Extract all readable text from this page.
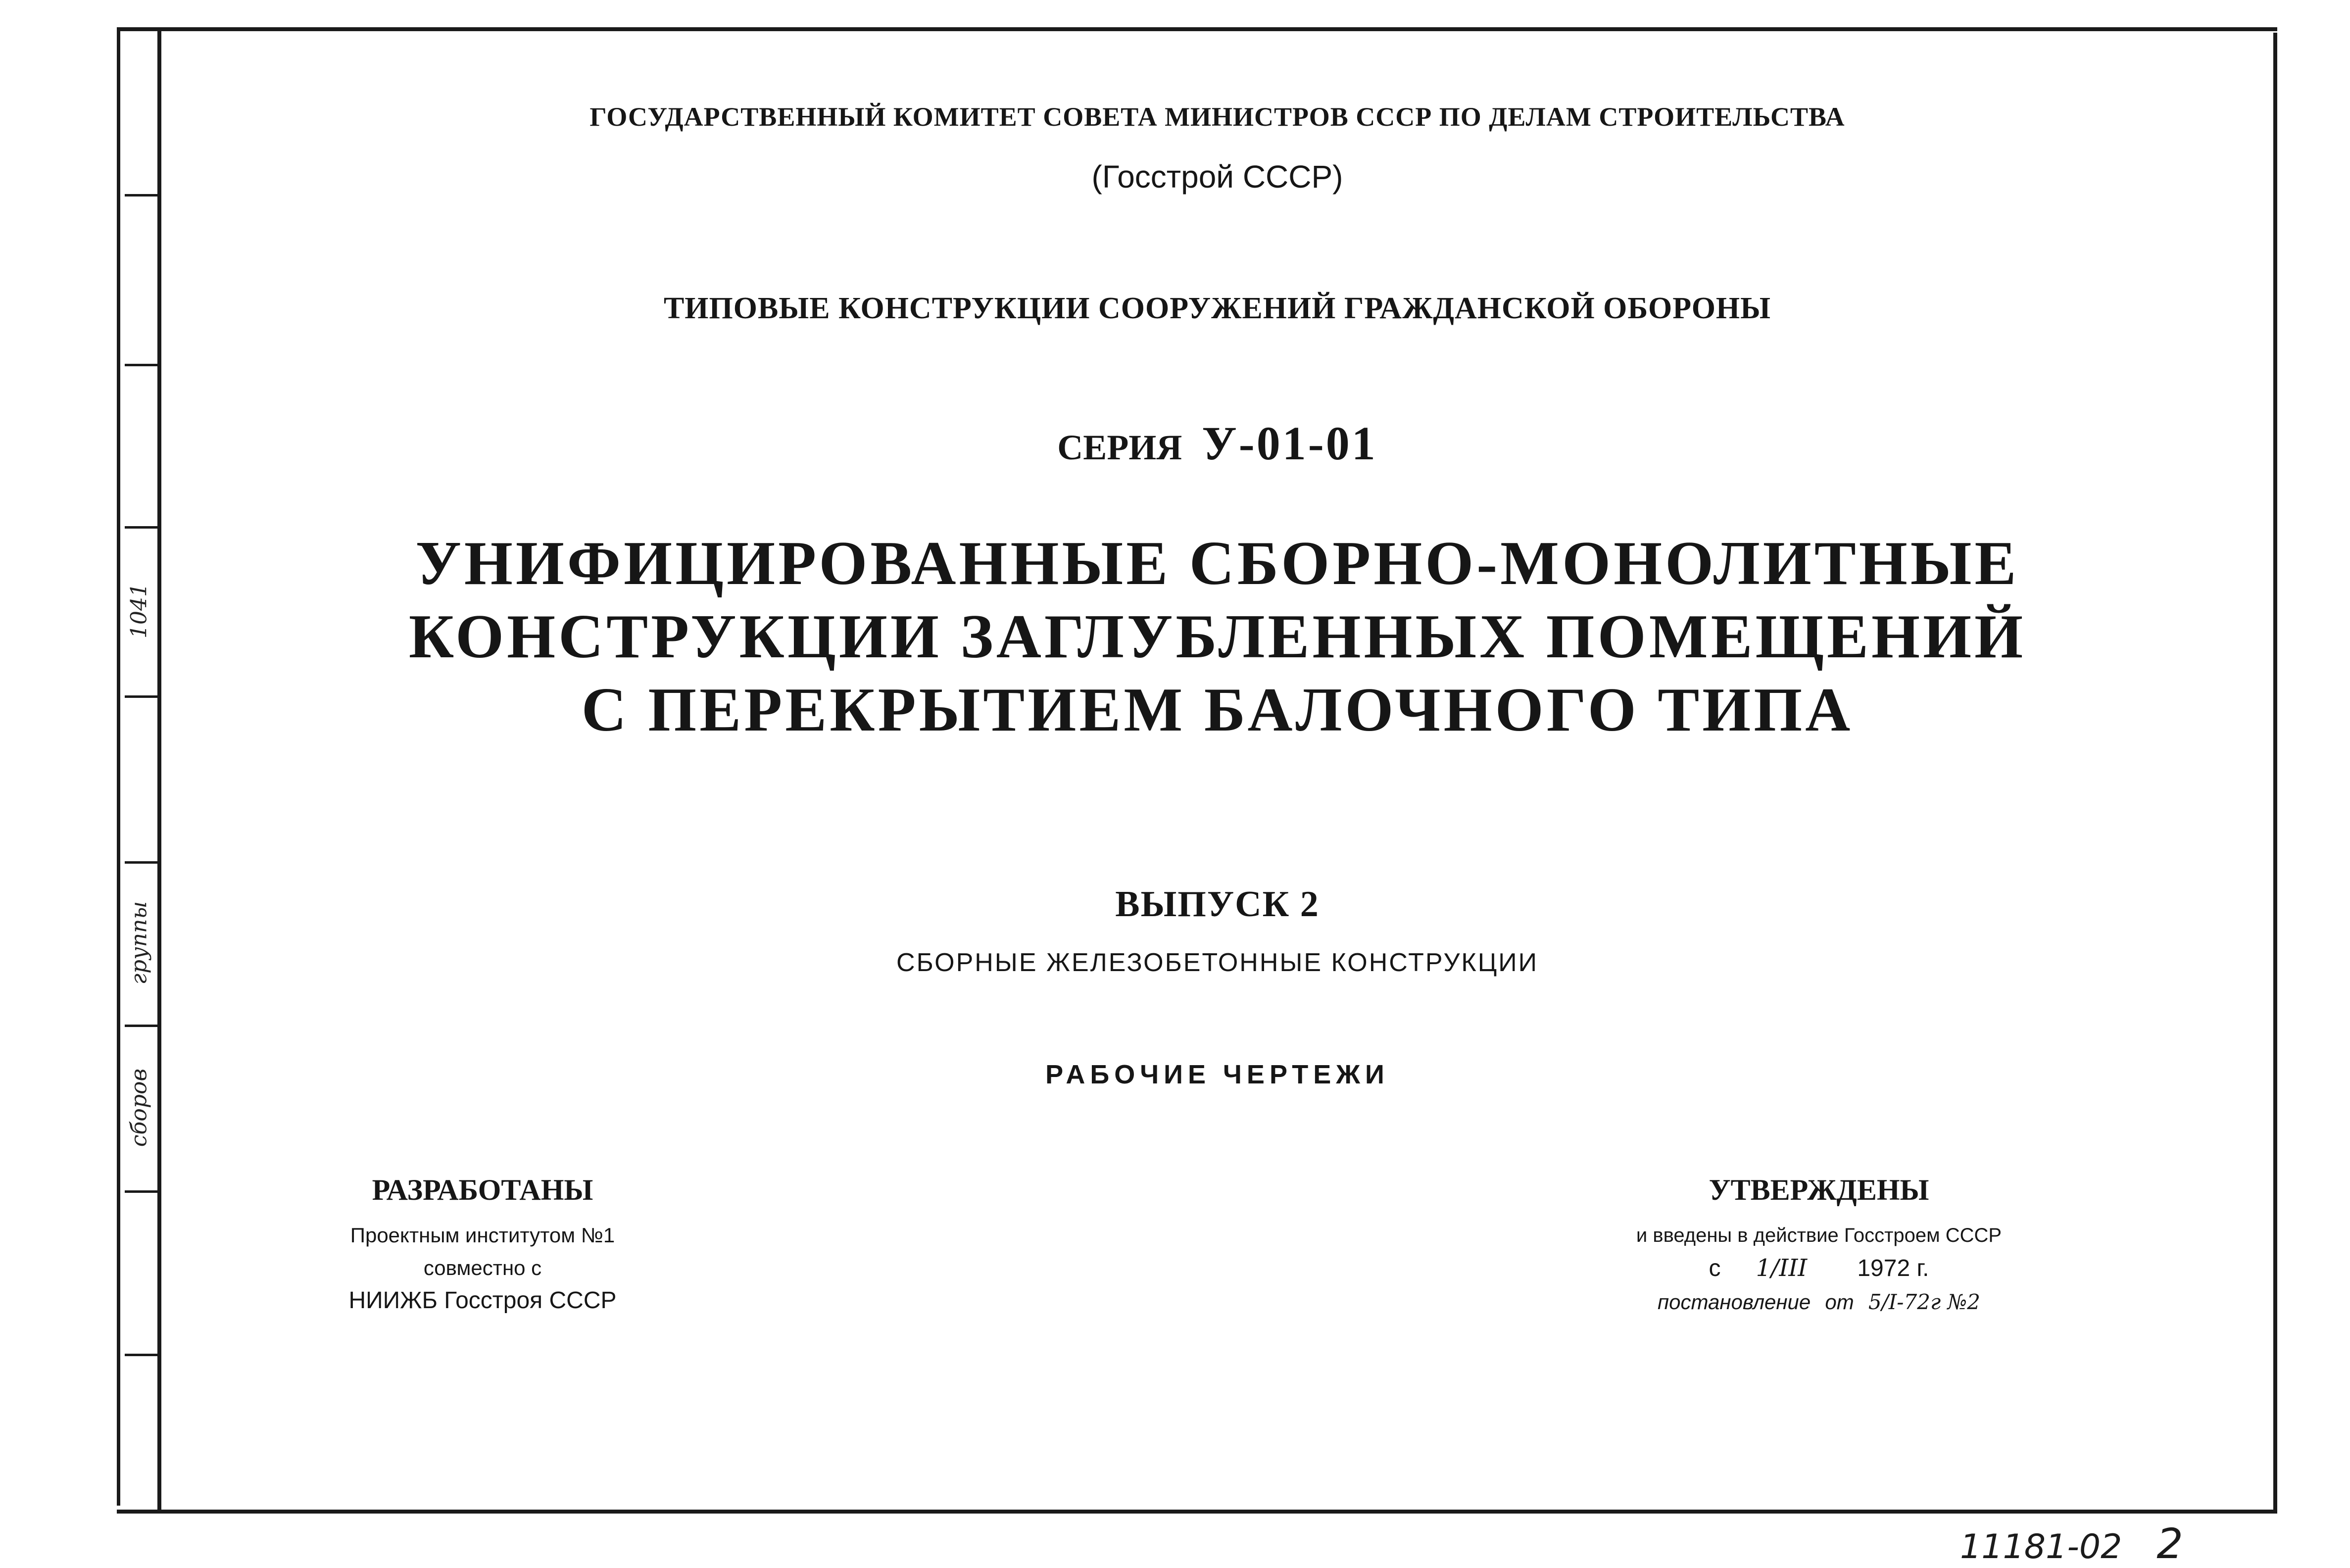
1041
группы
сборов
ГОСУДАРСТВЕННЫЙ КОМИТЕТ СОВЕТА МИНИСТРОВ СССР ПО ДЕЛАМ СТРОИТЕЛЬСТВА
(Госстрой СССР)
ТИПОВЫЕ КОНСТРУКЦИИ СООРУЖЕНИЙ ГРАЖДАНСКОЙ ОБОРОНЫ
СЕРИЯ У-01-01
УНИФИЦИРОВАННЫЕ СБОРНО-МОНОЛИТНЫЕ
КОНСТРУКЦИИ ЗАГЛУБЛЕННЫХ ПОМЕЩЕНИЙ
С ПЕРЕКРЫТИЕМ БАЛОЧНОГО ТИПА
ВЫПУСК 2
СБОРНЫЕ ЖЕЛЕЗОБЕТОННЫЕ КОНСТРУКЦИИ
РАБОЧИЕ ЧЕРТЕЖИ
РАЗРАБОТАНЫ
Проектным институтом №1
совместно с
НИИЖБ Госстроя СССР
УТВЕРЖДЕНЫ
и введены в действие Госстроем СССР
с 1/III 1972 г.
постановление от 5/I-72г №2
11181-02 2
